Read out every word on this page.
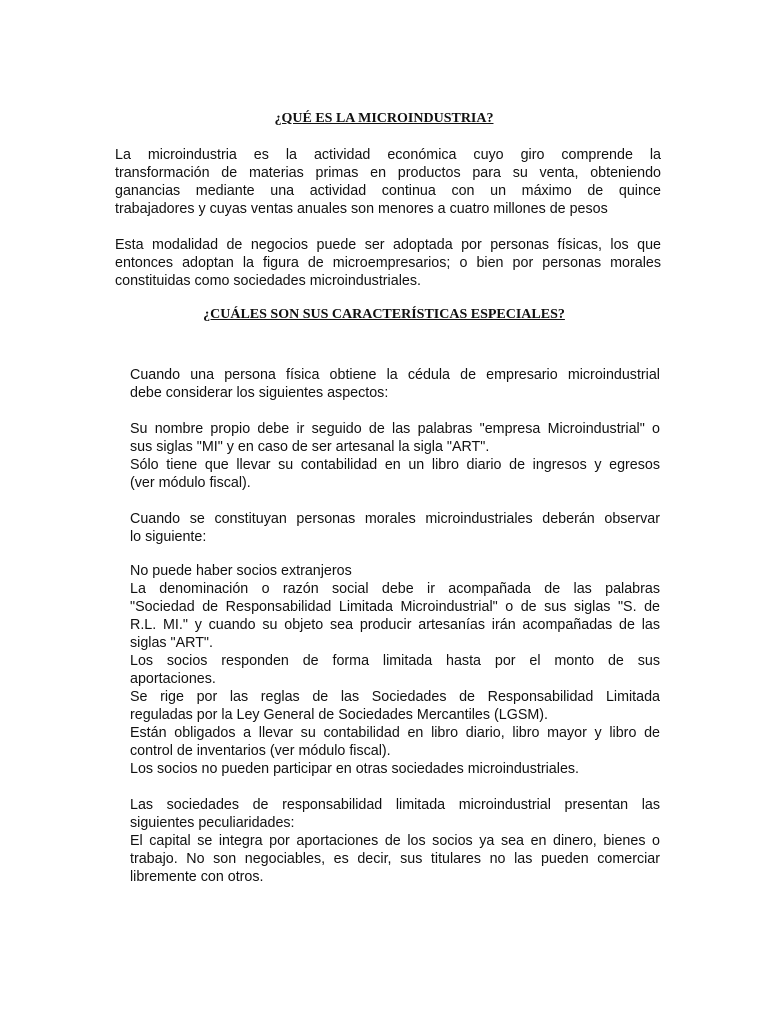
¿QUÉ ES LA MICROINDUSTRIA?

La microindustria es la actividad económica cuyo giro comprende la
transformación de materias primas en productos para su venta, obteniendo
ganancias mediante una actividad continua con un máximo de quince
trabajadores y cuyas ventas anuales son menores a cuatro millones de pesos

Esta modalidad de negocios puede ser adoptada por personas físicas, los que
entonces adoptan la figura de microempresarios; o bien por personas morales
constituidas como sociedades microindustriales.

¿CUÁLES SON SUS CARACTERÍSTICAS ESPECIALES?

Cuando una persona física obtiene la cédula de empresario microindustrial
debe considerar los siguientes aspectos:

Su nombre propio debe ir seguido de las palabras "empresa Microindustrial" o
sus siglas "MI" y en caso de ser artesanal la sigla "ART".
Sólo tiene que llevar su contabilidad en un libro diario de ingresos y egresos
(ver módulo fiscal).

Cuando se constituyan personas morales microindustriales deberán observar
lo siguiente:

No puede haber socios extranjeros
La denominación o razón social debe ir acompañada de las palabras
"Sociedad de Responsabilidad Limitada Microindustrial" o de sus siglas "S. de
R.L. MI." y cuando su objeto sea producir artesanías irán acompañadas de las
siglas "ART".
Los socios responden de forma limitada hasta por el monto de sus
aportaciones.
Se rige por las reglas de las Sociedades de Responsabilidad Limitada
reguladas por la Ley General de Sociedades Mercantiles (LGSM).
Están obligados a llevar su contabilidad en libro diario, libro mayor y libro de
control de inventarios (ver módulo fiscal).
Los socios no pueden participar en otras sociedades microindustriales.

Las sociedades de responsabilidad limitada microindustrial presentan las
siguientes peculiaridades:
El capital se integra por aportaciones de los socios ya sea en dinero, bienes o
trabajo. No son negociables, es decir, sus titulares no las pueden comerciar
libremente con otros.
